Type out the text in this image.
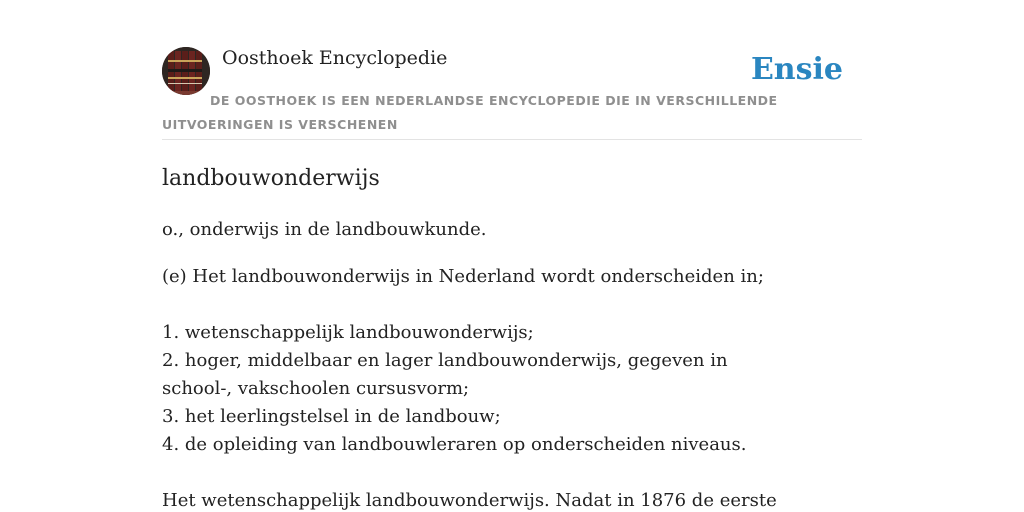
Oosthoek Encyclopedie	Ensie
DE OOSTHOEK IS EEN NEDERLANDSE ENCYCLOPEDIE DIE IN VERSCHILLENDE UITVOERINGEN IS VERSCHENEN
landbouwonderwijs

o., onderwijs in de landbouwkunde.

(e) Het landbouwonderwijs in Nederland wordt onderscheiden in;

1. wetenschappelijk landbouwonderwijs;

2. hoger, middelbaar en lager landbouwonderwijs, gegeven in school-, vakschoolen cursusvorm;

3. het leerlingstelsel in de landbouw;

4. de opleiding van landbouwleraren op onderscheiden niveaus.

Het wetenschappelijk landbouwonderwijs. Nadat in 1876 de eerste
